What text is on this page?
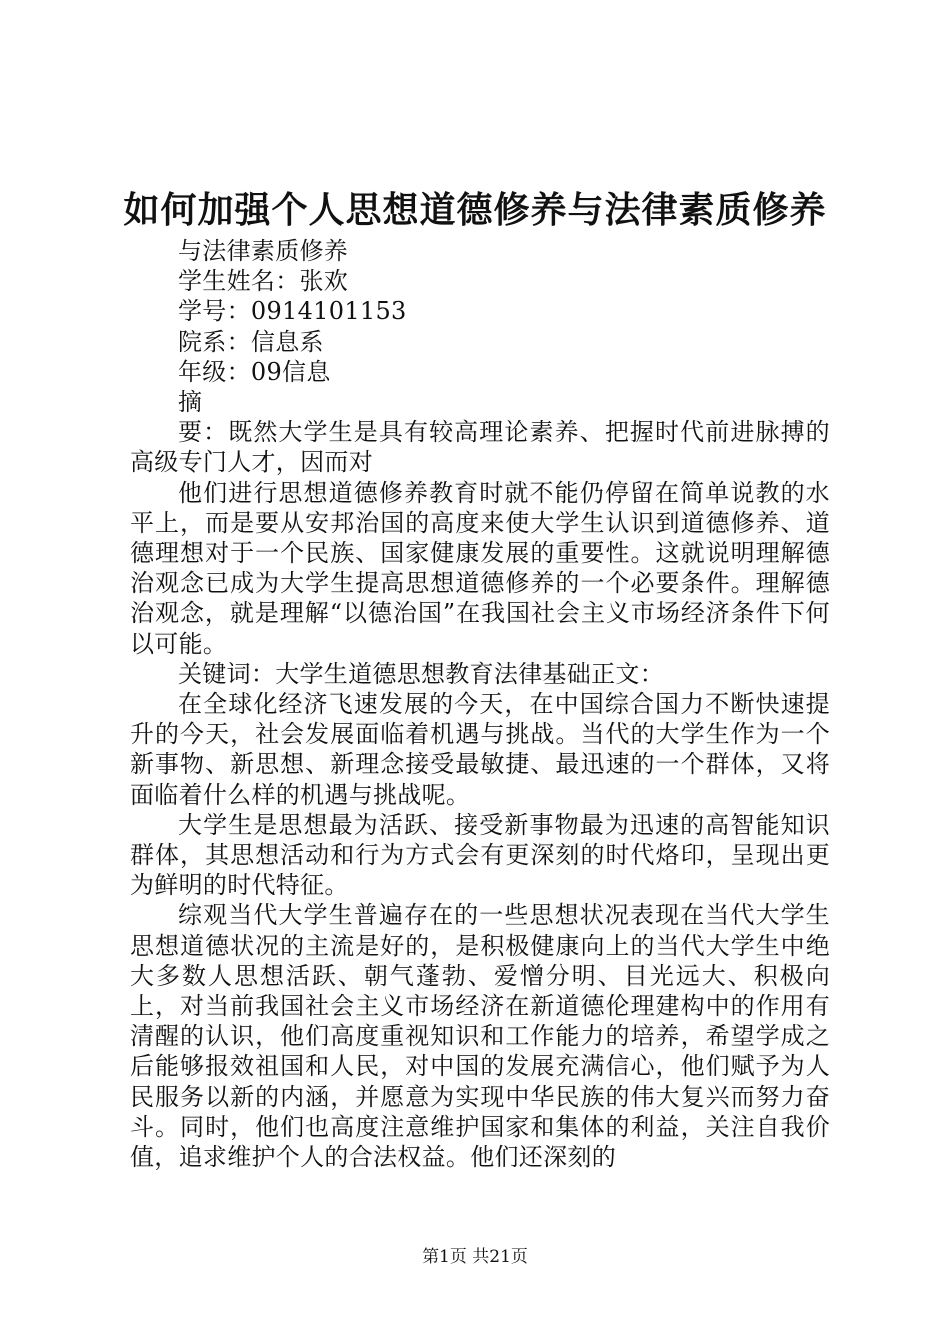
如何加强个人思想道德修养与法律素质修养

与法律素质修养

学生姓名：张欢

学号：0914101153

院系：信息系

年级：09信息

摘

要：既然大学生是具有较高理论素养、把握时代前进脉搏的高级专门人才，因而对

他们进行思想道德修养教育时就不能仍停留在简单说教的水平上，而是要从安邦治国的高度来使大学生认识到道德修养、道德理想对于一个民族、国家健康发展的重要性。这就说明理解德治观念已成为大学生提高思想道德修养的一个必要条件。理解德治观念，就是理解“以德治国”在我国社会主义市场经济条件下何以可能。

关键词：大学生道德思想教育法律基础正文：

在全球化经济飞速发展的今天，在中国综合国力不断快速提升的今天，社会发展面临着机遇与挑战。当代的大学生作为一个新事物、新思想、新理念接受最敏捷、最迅速的一个群体，又将面临着什么样的机遇与挑战呢。

大学生是思想最为活跃、接受新事物最为迅速的高智能知识群体，其思想活动和行为方式会有更深刻的时代烙印，呈现出更为鲜明的时代特征。

综观当代大学生普遍存在的一些思想状况表现在当代大学生思想道德状况的主流是好的，是积极健康向上的当代大学生中绝大多数人思想活跃、朝气蓬勃、爱憎分明、目光远大、积极向上，对当前我国社会主义市场经济在新道德伦理建构中的作用有清醒的认识，他们高度重视知识和工作能力的培养，希望学成之后能够报效祖国和人民，对中国的发展充满信心，他们赋予为人民服务以新的内涵，并愿意为实现中华民族的伟大复兴而努力奋斗。同时，他们也高度注意维护国家和集体的利益，关注自我价值，追求维护个人的合法权益。他们还深刻的

第1页 共21页
